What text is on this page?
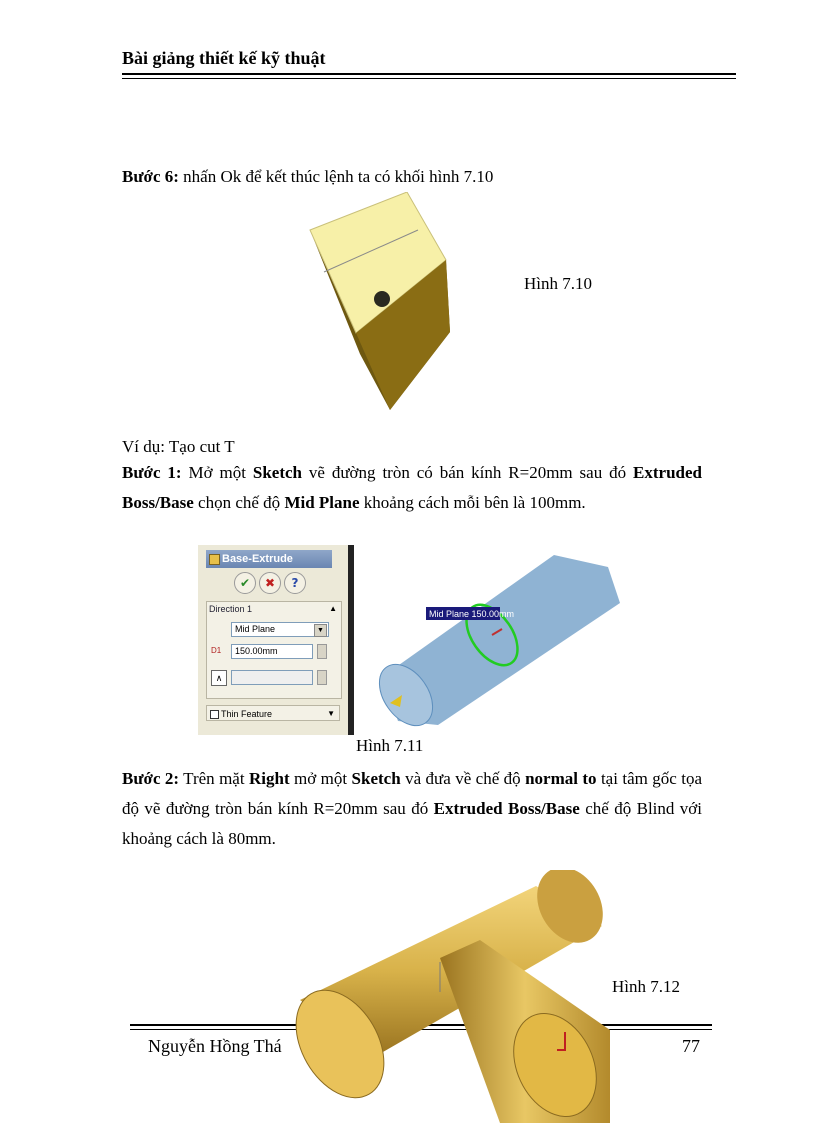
Bài giảng thiết kế kỹ thuật
Bước 6: nhấn Ok để kết thúc lệnh ta có khối hình 7.10
Hình 7.10
Ví dụ: Tạo cut T
Bước 1: Mở một Sketch vẽ đường tròn có bán kính R=20mm sau đó Extruded Boss/Base chọn chế độ Mid Plane khoảng cách mỗi bên là 100mm.
Base-Extrude
✔	✖	?
Direction 1	▲
Mid Plane	▼
D1	150.00mm
∧
Thin Feature	▼
Mid Plane 150.00mm
Hình 7.11
Bước 2: Trên mặt Right mở một Sketch và đưa về chế độ normal to tại tâm gốc tọa độ vẽ đường tròn bán kính R=20mm sau đó Extruded Boss/Base chế độ Blind với khoảng cách là 80mm.
Nguyễn Hồng Thá	77
Hình 7.12
